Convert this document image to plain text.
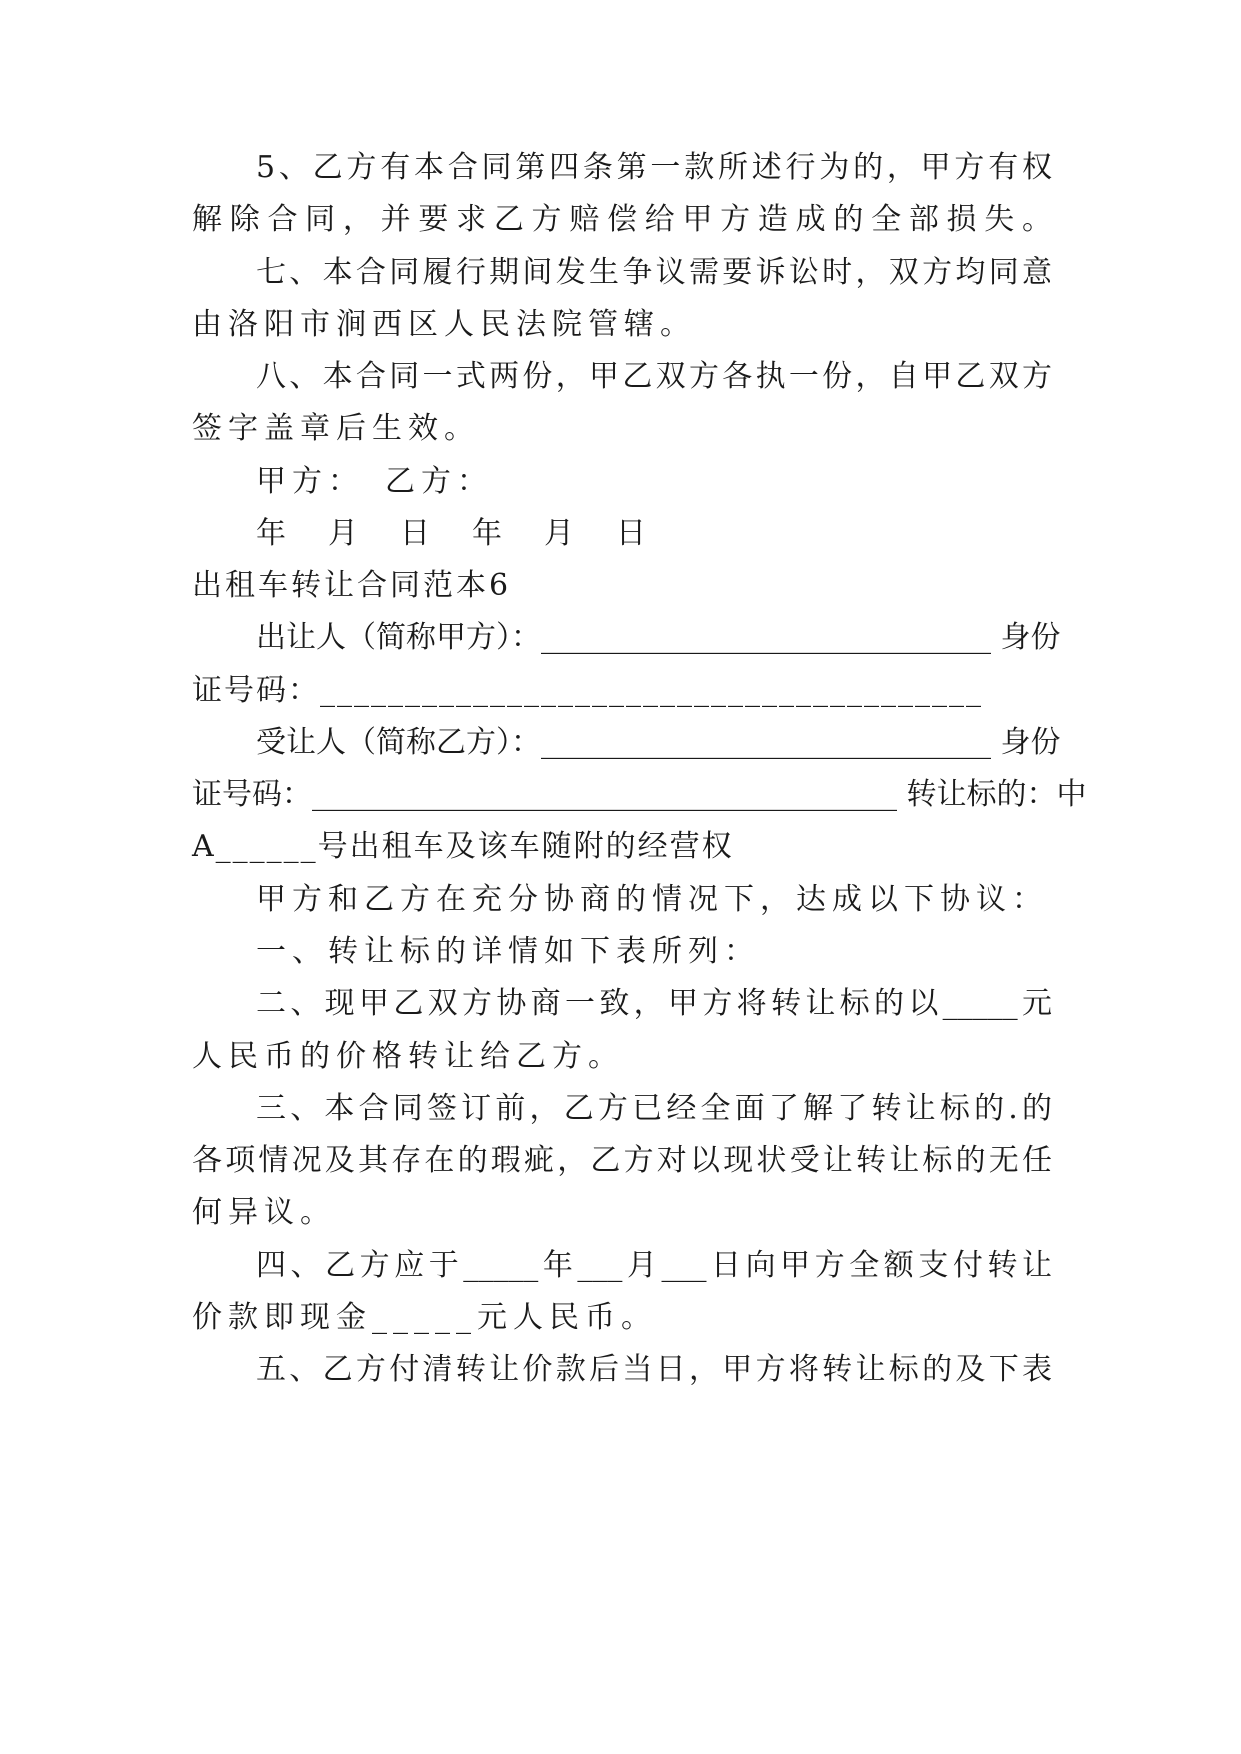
5、乙方有本合同第四条第一款所述行为的，甲方有权
解除合同，并要求乙方赔偿给甲方造成的全部损失。
七、本合同履行期间发生争议需要诉讼时，双方均同意
由洛阳市涧西区人民法院管辖。
八、本合同一式两份，甲乙双方各执一份，自甲乙双方
签字盖章后生效。
甲方：　乙方：
年　月　日　年　月　日
出租车转让合同范本6
出让人（简称甲方）：______________________________ 身份
证号码：_______________________________________
受让人（简称乙方）：______________________________ 身份
证号码：_______________________________________ 转让标的：中
A______号出租车及该车随附的经营权
甲方和乙方在充分协商的情况下，达成以下协议：
一、转让标的详情如下表所列：
二、现甲乙双方协商一致，甲方将转让标的以_____元
人民币的价格转让给乙方。
三、本合同签订前，乙方已经全面了解了转让标的.的
各项情况及其存在的瑕疵，乙方对以现状受让转让标的无任
何异议。
四、乙方应于_____年___月___日向甲方全额支付转让
价款即现金_____元人民币。
五、乙方付清转让价款后当日，甲方将转让标的及下表
